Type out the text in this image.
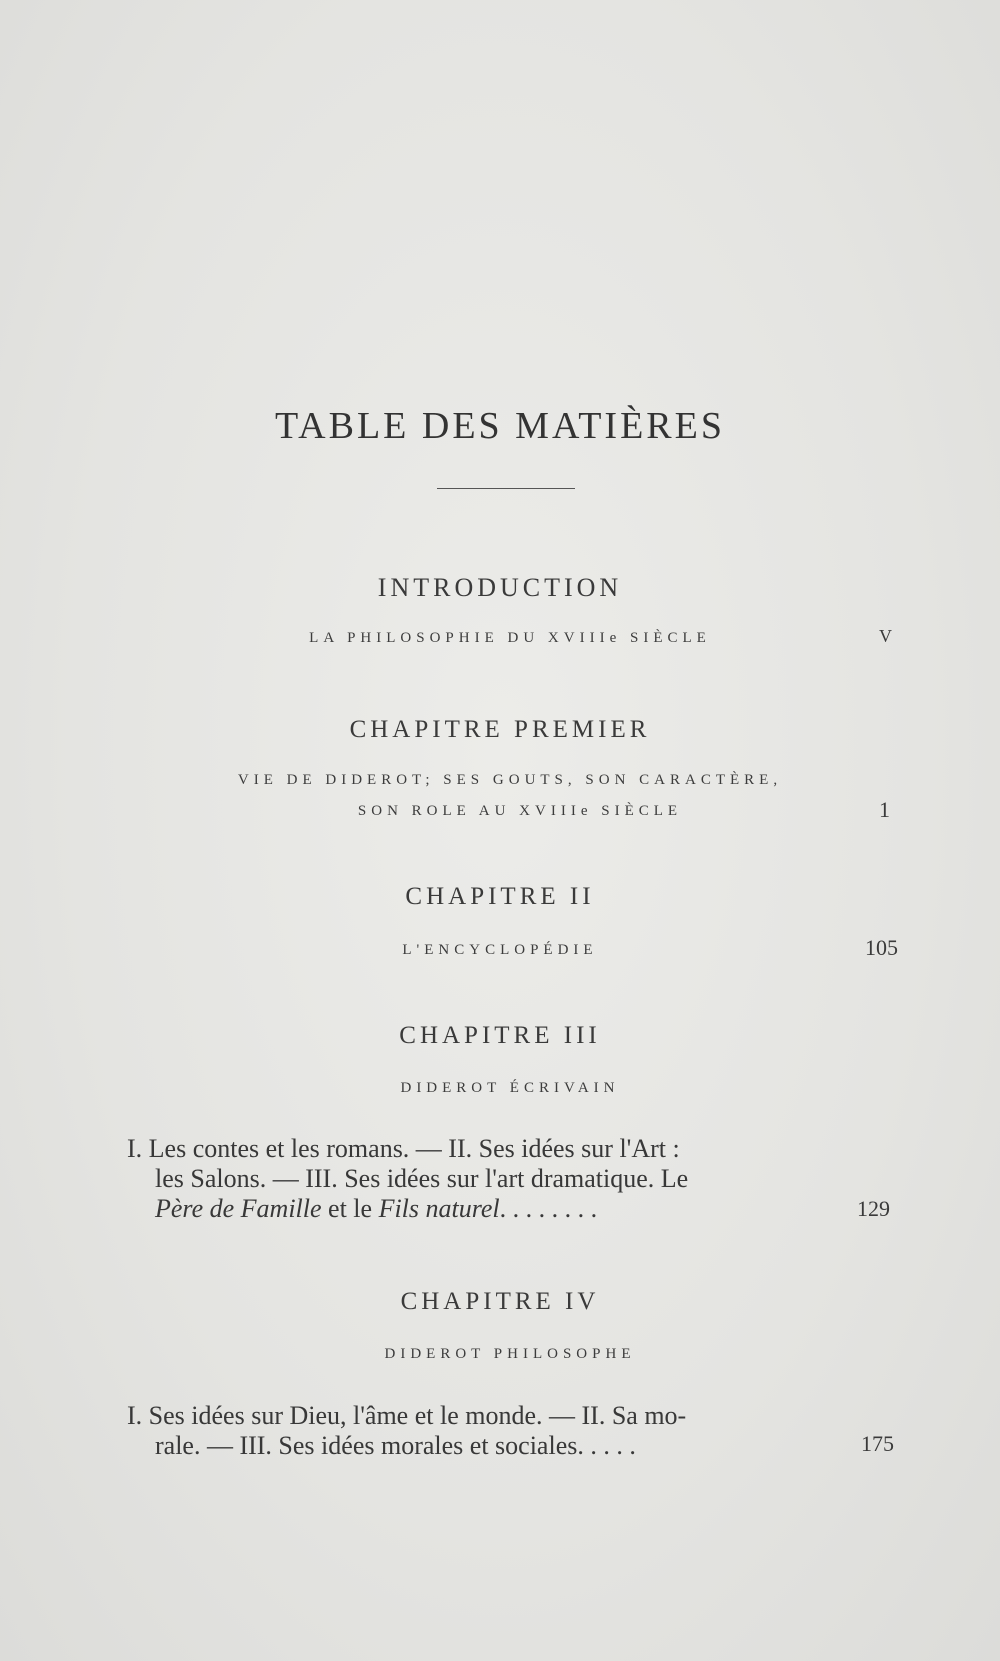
TABLE DES MATIÈRES
INTRODUCTION
LA PHILOSOPHIE DU XVIIIe SIÈCLE	V
CHAPITRE PREMIER
VIE DE DIDEROT; SES GOUTS, SON CARACTÈRE,
SON ROLE AU XVIIIe SIÈCLE	1
CHAPITRE II
L'ENCYCLOPÉDIE	105
CHAPITRE III
DIDEROT ÉCRIVAIN
I. Les contes et les romans. — II. Ses idées sur l'Art :
les Salons. — III. Ses idées sur l'art dramatique. Le
Père de Famille et le Fils naturel. . . . . . . .	129
CHAPITRE IV
DIDEROT PHILOSOPHE
I. Ses idées sur Dieu, l'âme et le monde. — II. Sa mo-
rale. — III. Ses idées morales et sociales. . . . .	175
